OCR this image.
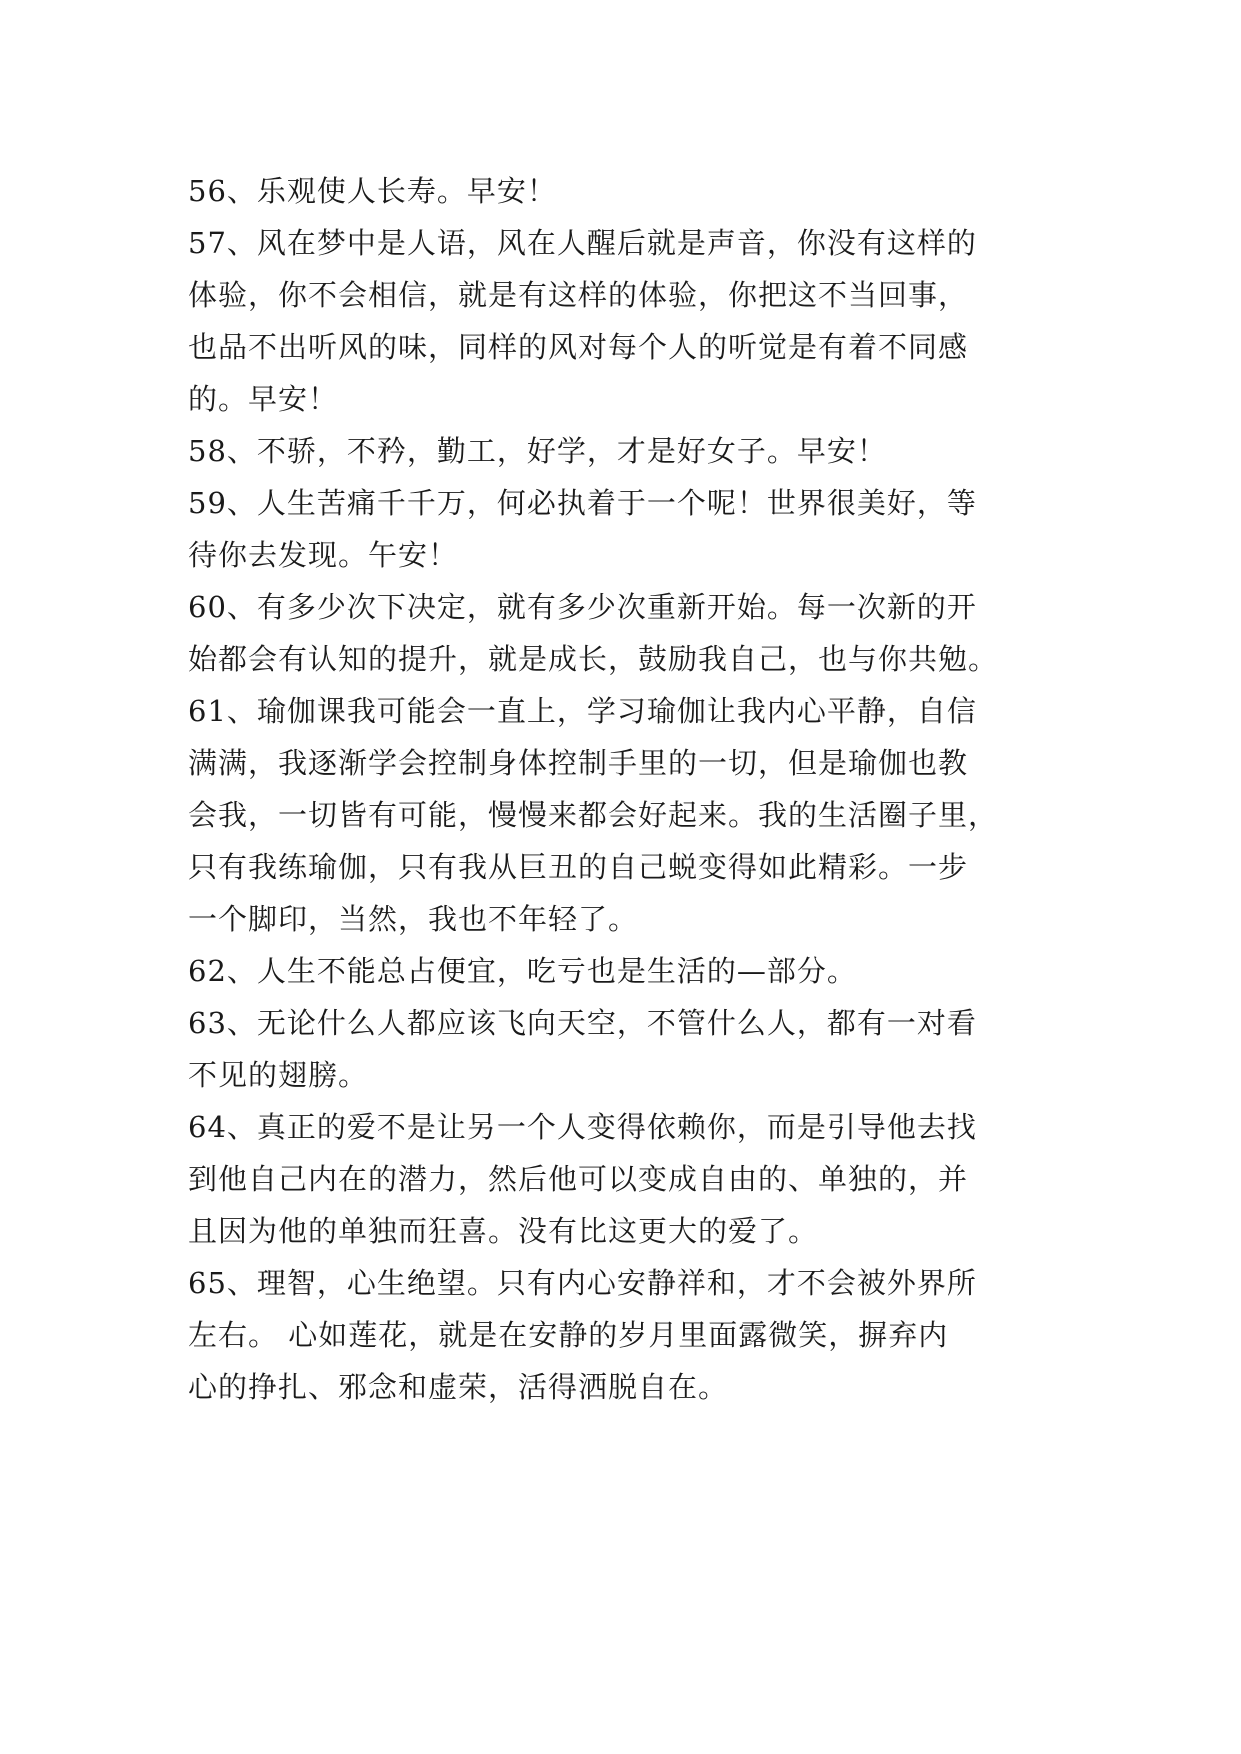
56、乐观使人长寿。早安！
57、风在梦中是人语，风在人醒后就是声音，你没有这样的
体验，你不会相信，就是有这样的体验，你把这不当回事，
也品不出听风的味，同样的风对每个人的听觉是有着不同感
的。早安！
58、不骄，不矜，勤工，好学，才是好女子。早安！
59、人生苦痛千千万，何必执着于一个呢！世界很美好，等
待你去发现。午安！
60、有多少次下决定，就有多少次重新开始。每一次新的开
始都会有认知的提升，就是成长，鼓励我自己，也与你共勉。
61、瑜伽课我可能会一直上，学习瑜伽让我内心平静，自信
满满，我逐渐学会控制身体控制手里的一切，但是瑜伽也教
会我，一切皆有可能，慢慢来都会好起来。我的生活圈子里，
只有我练瑜伽，只有我从巨丑的自己蜕变得如此精彩。一步
一个脚印，当然，我也不年轻了。
62、人生不能总占便宜，吃亏也是生活的—部分。
63、无论什么人都应该飞向天空，不管什么人，都有一对看
不见的翅膀。
64、真正的爱不是让另一个人变得依赖你，而是引导他去找
到他自己内在的潜力，然后他可以变成自由的、单独的，并
且因为他的单独而狂喜。没有比这更大的爱了。
65、理智，心生绝望。只有内心安静祥和，才不会被外界所
左右。 心如莲花，就是在安静的岁月里面露微笑，摒弃内
心的挣扎、邪念和虚荣，活得洒脱自在。
